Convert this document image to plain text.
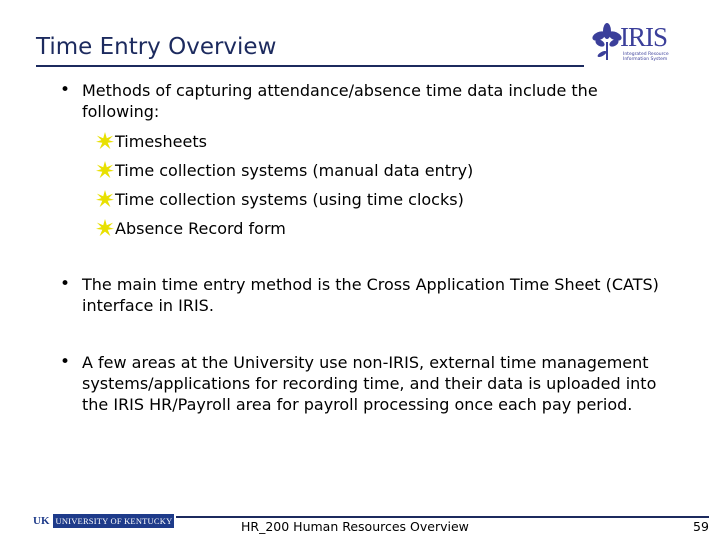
Time Entry Overview	IRIS
Integrated Resource Information System
• Methods of capturing attendance/absence time data include the following:
Timesheets
Time collection systems (manual data entry)
Time collection systems (using time clocks)
Absence Record form
• The main time entry method is the Cross Application Time Sheet (CATS) interface in IRIS.
• A few areas at the University use non-IRIS, external time management systems/applications for recording time, and their data is uploaded into the IRIS HR/Payroll area for payroll processing once each pay period.
UK UNIVERSITY OF KENTUCKY	HR_200 Human Resources Overview	59
